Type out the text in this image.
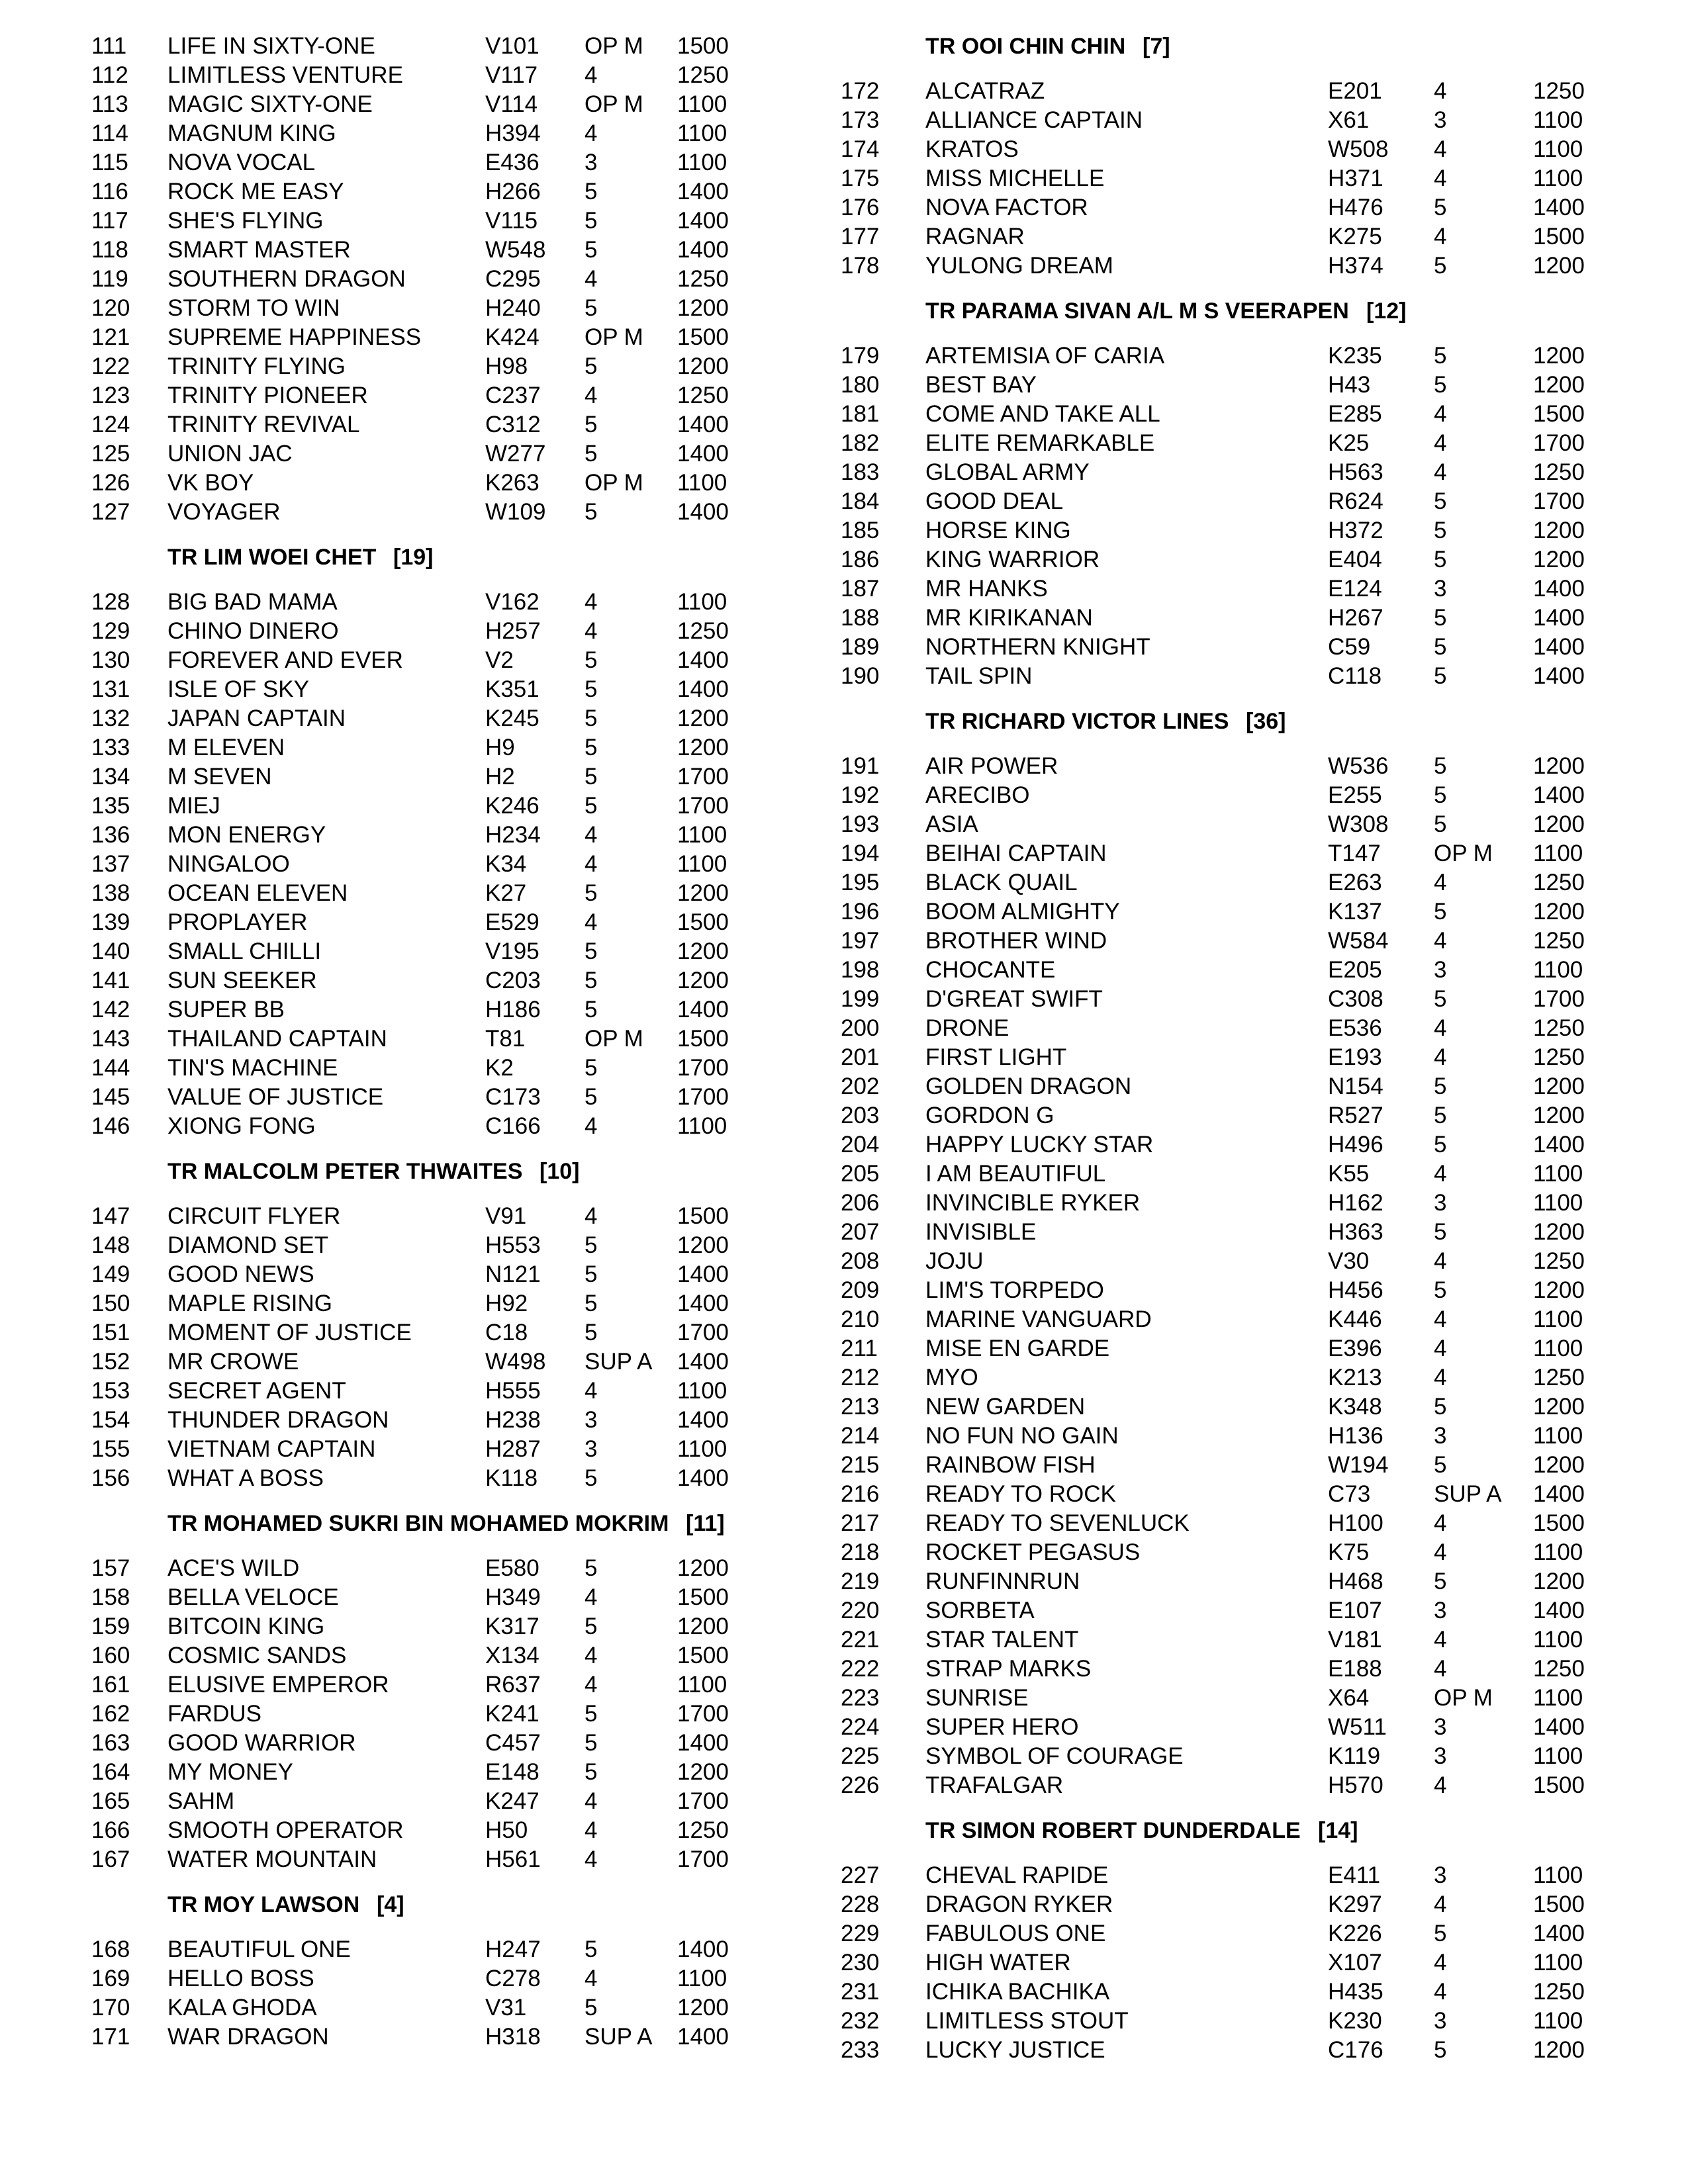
111 LIFE IN SIXTY-ONE	V101 OP M 1500
112 LIMITLESS VENTURE	V117 4	1250
113 MAGIC SIXTY-ONE	V114 OP M 1100
114 MAGNUM KING	H394 4	1100
115 NOVA VOCAL	E436 3	1100
116 ROCK ME EASY	H266 5	1400
117 SHE'S FLYING	V115 5	1400
118 SMART MASTER	W548 5	1400
119 SOUTHERN DRAGON	C295 4	1250
120 STORM TO WIN	H240 5	1200
121 SUPREME HAPPINESS	K424 OP M 1500
122 TRINITY FLYING	H98 5	1200
123 TRINITY PIONEER	C237 4	1250
124 TRINITY REVIVAL	C312 5	1400
125 UNION JAC	W277 5	1400
126 VK BOY	K263 OP M 1100
127 VOYAGER	W109 5	1400
TR LIM WOEI CHET [19]
128 BIG BAD MAMA	V162 4	1100
129 CHINO DINERO	H257 4	1250
130 FOREVER AND EVER	V2	5	1400
131 ISLE OF SKY	K351 5	1400
132 JAPAN CAPTAIN	K245 5	1200
133 M ELEVEN	H9	5	1200
134 M SEVEN	H2	5	1700
135 MIEJ	K246 5	1700
136 MON ENERGY	H234 4	1100
137 NINGALOO	K34	4	1100
138 OCEAN ELEVEN	K27	5	1200
139 PROPLAYER	E529 4	1500
140 SMALL CHILLI	V195 5	1200
141 SUN SEEKER	C203 5	1200
142 SUPER BB	H186 5	1400
143 THAILAND CAPTAIN	T81	OP M 1500
144 TIN'S MACHINE	K2	5	1700
145 VALUE OF JUSTICE	C173 5	1700
146 XIONG FONG	C166 4	1100
TR MALCOLM PETER THWAITES [10]
147 CIRCUIT FLYER	V91	4	1500
148 DIAMOND SET	H553 5	1200
149 GOOD NEWS	N121 5	1400
150 MAPLE RISING	H92 5	1400
151 MOMENT OF JUSTICE	C18 5	1700
152 MR CROWE	W498 SUP A 1400
153 SECRET AGENT	H555 4	1100
154 THUNDER DRAGON	H238 3	1400
155 VIETNAM CAPTAIN	H287 3	1100
156 WHAT A BOSS	K118 5	1400
TR MOHAMED SUKRI BIN MOHAMED MOKRIM [11]
157 ACE'S WILD	E580 5	1200
158 BELLA VELOCE	H349 4	1500
159 BITCOIN KING	K317 5	1200
160 COSMIC SANDS	X134 4	1500
161 ELUSIVE EMPEROR	R637 4	1100
162 FARDUS	K241 5	1700
163 GOOD WARRIOR	C457 5	1400
164 MY MONEY	E148 5	1200
165 SAHM	K247 4	1700
166 SMOOTH OPERATOR	H50 4	1250
167 WATER MOUNTAIN	H561 4	1700
TR MOY LAWSON [4]
168 BEAUTIFUL ONE	H247 5	1400
169 HELLO BOSS	C278 4	1100
170 KALA GHODA	V31	5	1200
171 WAR DRAGON	H318 SUP A 1400
TR OOI CHIN CHIN [7]
172 ALCATRAZ	E201 4	1250
173 ALLIANCE CAPTAIN	X61	3	1100
174 KRATOS	W508 4	1100
175 MISS MICHELLE	H371 4	1100
176 NOVA FACTOR	H476 5	1400
177 RAGNAR	K275 4	1500
178 YULONG DREAM	H374 5	1200
TR PARAMA SIVAN A/L M S VEERAPEN [12]
179 ARTEMISIA OF CARIA	K235 5	1200
180 BEST BAY	H43	5	1200
181 COME AND TAKE ALL	E285 4	1500
182 ELITE REMARKABLE	K25	4	1700
183 GLOBAL ARMY	H563 4	1250
184 GOOD DEAL	R624 5	1700
185 HORSE KING	H372 5	1200
186 KING WARRIOR	E404 5	1200
187 MR HANKS	E124 3	1400
188 MR KIRIKANAN	H267 5	1400
189 NORTHERN KNIGHT	C59	5	1400
190 TAIL SPIN	C118 5	1400
TR RICHARD VICTOR LINES [36]
191 AIR POWER	W536 5	1200
192 ARECIBO	E255 5	1400
193 ASIA	W308 5	1200
194 BEIHAI CAPTAIN	T147 OP M 1100
195 BLACK QUAIL	E263 4	1250
196 BOOM ALMIGHTY	K137 5	1200
197 BROTHER WIND	W584 4	1250
198 CHOCANTE	E205 3	1100
199 D'GREAT SWIFT	C308 5	1700
200 DRONE	E536 4	1250
201 FIRST LIGHT	E193 4	1250
202 GOLDEN DRAGON	N154 5	1200
203 GORDON G	R527 5	1200
204 HAPPY LUCKY STAR	H496 5	1400
205 I AM BEAUTIFUL	K55	4	1100
206 INVINCIBLE RYKER	H162 3	1100
207 INVISIBLE	H363 5	1200
208 JOJU	V30	4	1250
209 LIM'S TORPEDO	H456 5	1200
210 MARINE VANGUARD	K446 4	1100
211 MISE EN GARDE	E396 4	1100
212 MYO	K213 4	1250
213 NEW GARDEN	K348 5	1200
214 NO FUN NO GAIN	H136 3	1100
215 RAINBOW FISH	W194 5	1200
216 READY TO ROCK	C73	SUP A 1400
217 READY TO SEVENLUCK	H100 4	1500
218 ROCKET PEGASUS	K75	4	1100
219 RUNFINNRUN	H468 5	1200
220 SORBETA	E107 3	1400
221 STAR TALENT	V181 4	1100
222 STRAP MARKS	E188 4	1250
223 SUNRISE	X64	OP M 1100
224 SUPER HERO	W511 3	1400
225 SYMBOL OF COURAGE	K119 3	1100
226 TRAFALGAR	H570 4	1500
TR SIMON ROBERT DUNDERDALE [14]
227 CHEVAL RAPIDE	E411 3	1100
228 DRAGON RYKER	K297 4	1500
229 FABULOUS ONE	K226 5	1400
230 HIGH WATER	X107 4	1100
231 ICHIKA BACHIKA	H435 4	1250
232 LIMITLESS STOUT	K230 3	1100
233 LUCKY JUSTICE	C176 5	1200
